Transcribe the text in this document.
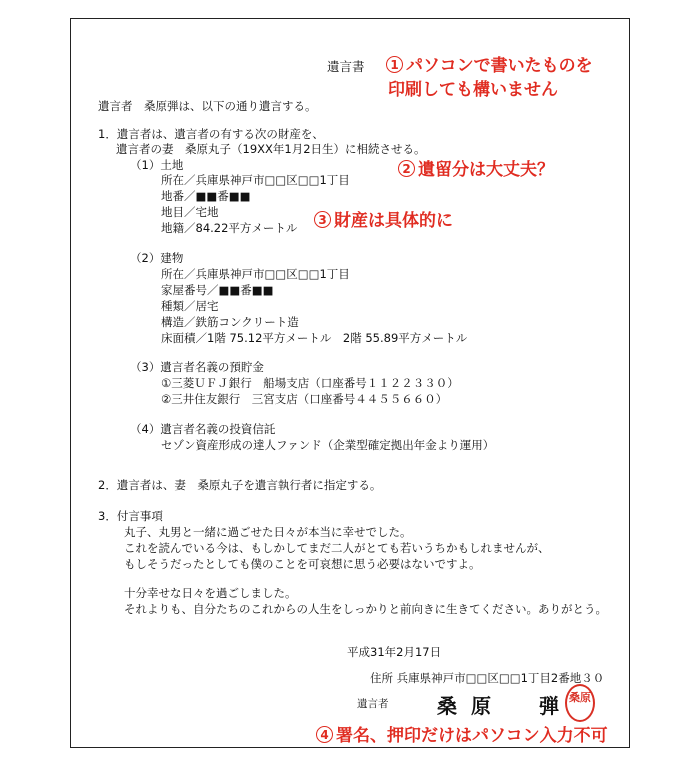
遺言書
遺言者　桑原弾は、以下の通り遺言する。
1．遺言者は、遺言者の有する次の財産を、
遺言者の妻　桑原丸子（19XX年1月2日生）に相続させる。
（1）土地
所在／兵庫県神戸市□□区□□1丁目
地番／■■番■■
地目／宅地
地籍／84.22平方メートル
（2）建物
所在／兵庫県神戸市□□区□□1丁目
家屋番号／■■番■■
種類／居宅
構造／鉄筋コンクリート造
床面積／1階 75.12平方メートル　2階 55.89平方メートル
（3）遺言者名義の預貯金
①三菱ＵＦＪ銀行　船場支店（口座番号１１２２３３０）
②三井住友銀行　三宮支店（口座番号４４５５６６０）
（4）遺言者名義の投資信託
セゾン資産形成の達人ファンド（企業型確定拠出年金より運用）
2．遺言者は、妻　桑原丸子を遺言執行者に指定する。
3．付言事項
丸子、丸男と一緒に過ごせた日々が本当に幸せでした。
これを読んでいる今は、もしかしてまだ二人がとても若いうちかもしれませんが、
もしそうだったとしても僕のことを可哀想に思う必要はないですよ。
十分幸せな日々を過ごしました。
それよりも、自分たちのこれからの人生をしっかりと前向きに生きてください。ありがとう。
平成31年2月17日
住所 兵庫県神戸市□□区□□1丁目2番地３０
遺言者 桑原　弾
桑原
1 パソコンで書いたものを
印刷しても構いません
2 遺留分は大丈夫？
3 財産は具体的に
4 署名、押印だけはパソコン入力不可
